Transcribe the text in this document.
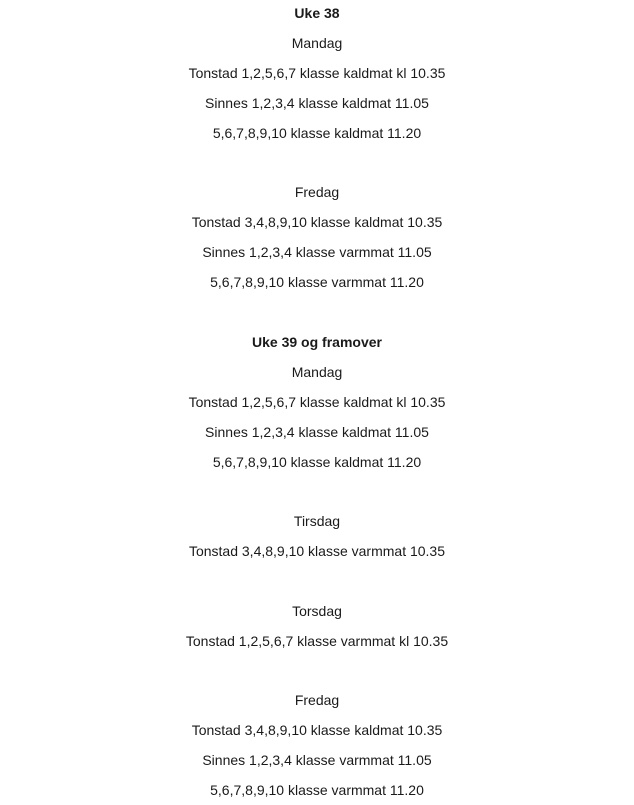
Uke 38
Mandag
Tonstad 1,2,5,6,7 klasse kaldmat kl 10.35
Sinnes 1,2,3,4 klasse kaldmat 11.05
5,6,7,8,9,10 klasse kaldmat 11.20
Fredag
Tonstad 3,4,8,9,10 klasse kaldmat 10.35
Sinnes 1,2,3,4 klasse varmmat 11.05
5,6,7,8,9,10 klasse varmmat 11.20
Uke 39 og framover
Mandag
Tonstad 1,2,5,6,7 klasse kaldmat kl 10.35
Sinnes 1,2,3,4 klasse kaldmat 11.05
5,6,7,8,9,10 klasse kaldmat 11.20
Tirsdag
Tonstad 3,4,8,9,10 klasse varmmat 10.35
Torsdag
Tonstad 1,2,5,6,7 klasse varmmat kl 10.35
Fredag
Tonstad 3,4,8,9,10 klasse kaldmat 10.35
Sinnes 1,2,3,4 klasse varmmat 11.05
5,6,7,8,9,10 klasse varmmat 11.20
